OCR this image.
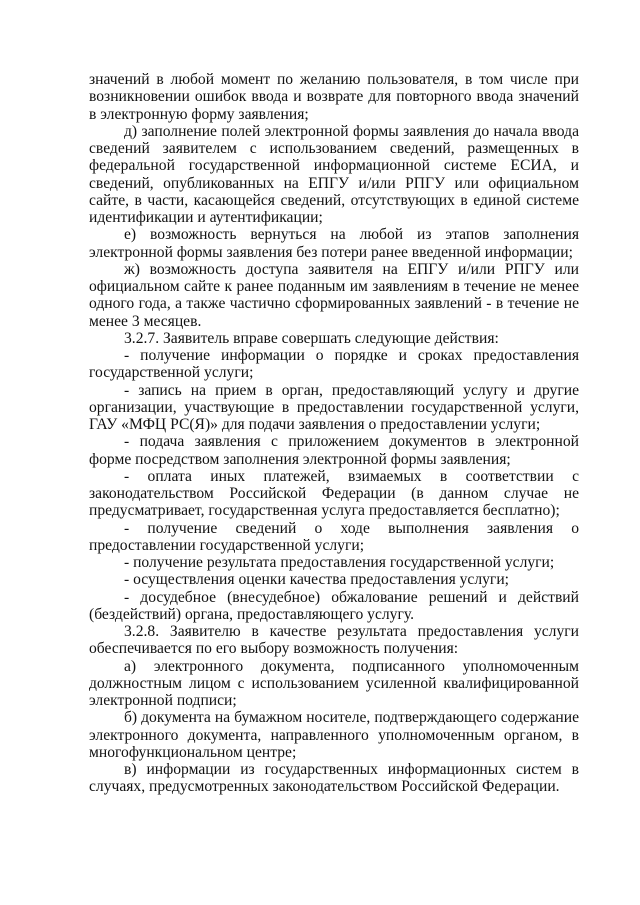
значений в любой момент по желанию пользователя, в том числе при возникновении ошибок ввода и возврате для повторного ввода значений в электронную форму заявления;

д) заполнение полей электронной формы заявления до начала ввода сведений заявителем с использованием сведений, размещенных в федеральной государственной информационной системе ЕСИА, и сведений, опубликованных на ЕПГУ и/или РПГУ или официальном сайте, в части, касающейся сведений, отсутствующих в единой системе идентификации и аутентификации;

е) возможность вернуться на любой из этапов заполнения электронной формы заявления без потери ранее введенной информации;

ж) возможность доступа заявителя на ЕПГУ и/или РПГУ или официальном сайте к ранее поданным им заявлениям в течение не менее одного года, а также частично сформированных заявлений - в течение не менее 3 месяцев.

3.2.7. Заявитель вправе совершать следующие действия:

- получение информации о порядке и сроках предоставления государственной услуги;

- запись на прием в орган, предоставляющий услугу и другие организации, участвующие в предоставлении государственной услуги, ГАУ «МФЦ РС(Я)» для подачи заявления о предоставлении услуги;

- подача заявления с приложением документов в электронной форме посредством заполнения электронной формы заявления;

- оплата иных платежей, взимаемых в соответствии с законодательством Российской Федерации (в данном случае не предусматривает, государственная услуга предоставляется бесплатно);

- получение сведений о ходе выполнения заявления о предоставлении государственной услуги;

- получение результата предоставления государственной услуги;

- осуществления оценки качества предоставления услуги;

- досудебное (внесудебное) обжалование решений и действий (бездействий) органа, предоставляющего услугу.

3.2.8. Заявителю в качестве результата предоставления услуги обеспечивается по его выбору возможность получения:

а) электронного документа, подписанного уполномоченным должностным лицом с использованием усиленной квалифицированной электронной подписи;

б) документа на бумажном носителе, подтверждающего содержание электронного документа, направленного уполномоченным органом, в многофункциональном центре;

в) информации из государственных информационных систем в случаях, предусмотренных законодательством Российской Федерации.
